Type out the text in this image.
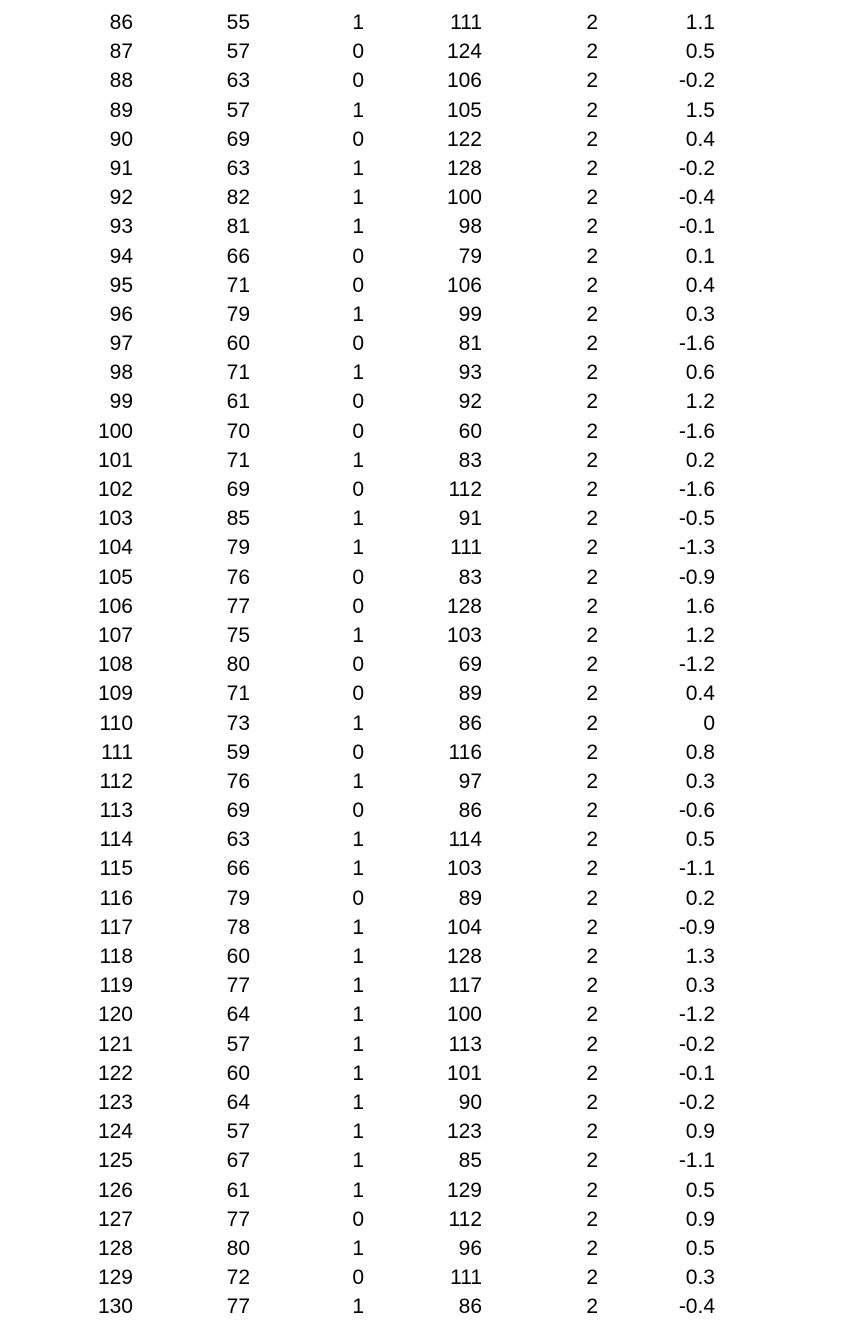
86	55	1	111	2	1.1
87	57	0	124	2	0.5
88	63	0	106	2	-0.2
89	57	1	105	2	1.5
90	69	0	122	2	0.4
91	63	1	128	2	-0.2
92	82	1	100	2	-0.4
93	81	1	98	2	-0.1
94	66	0	79	2	0.1
95	71	0	106	2	0.4
96	79	1	99	2	0.3
97	60	0	81	2	-1.6
98	71	1	93	2	0.6
99	61	0	92	2	1.2
100	70	0	60	2	-1.6
101	71	1	83	2	0.2
102	69	0	112	2	-1.6
103	85	1	91	2	-0.5
104	79	1	111	2	-1.3
105	76	0	83	2	-0.9
106	77	0	128	2	1.6
107	75	1	103	2	1.2
108	80	0	69	2	-1.2
109	71	0	89	2	0.4
110	73	1	86	2	0
111	59	0	116	2	0.8
112	76	1	97	2	0.3
113	69	0	86	2	-0.6
114	63	1	114	2	0.5
115	66	1	103	2	-1.1
116	79	0	89	2	0.2
117	78	1	104	2	-0.9
118	60	1	128	2	1.3
119	77	1	117	2	0.3
120	64	1	100	2	-1.2
121	57	1	113	2	-0.2
122	60	1	101	2	-0.1
123	64	1	90	2	-0.2
124	57	1	123	2	0.9
125	67	1	85	2	-1.1
126	61	1	129	2	0.5
127	77	0	112	2	0.9
128	80	1	96	2	0.5
129	72	0	111	2	0.3
130	77	1	86	2	-0.4
